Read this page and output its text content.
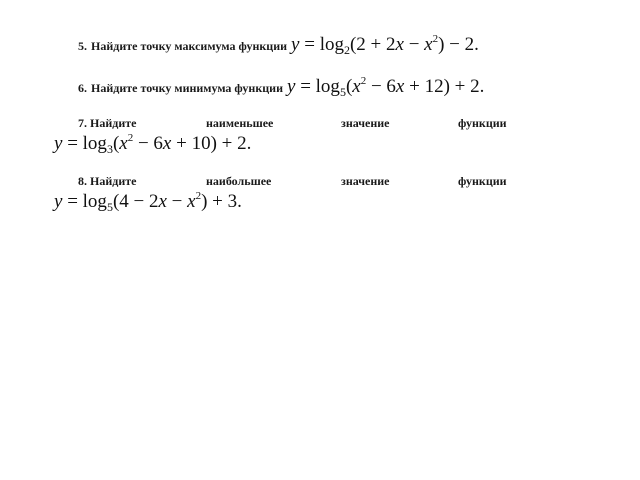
5. Найдите точку максимума функции $y = \log_2(2 + 2x - x^2) - 2$.
6. Найдите точку минимума функции $y = \log_5(x^2 - 6x + 12) + 2$.
7. Найдите	наименьшее	значение	функции
$y = \log_3(x^2 - 6x + 10) + 2$.
8. Найдите	наибольшее	значение	функции
$y = \log_5(4 - 2x - x^2) + 3$.
